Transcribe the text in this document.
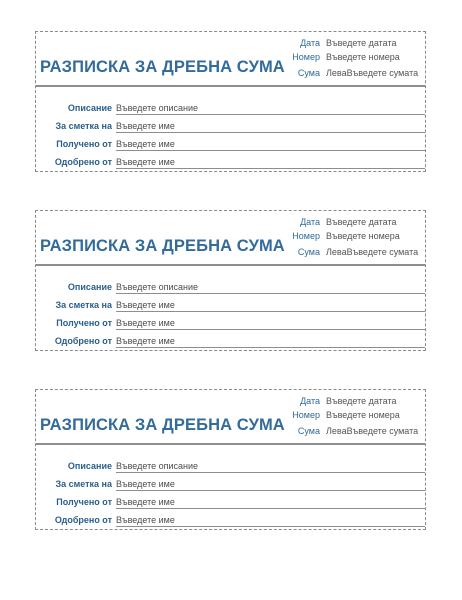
РАЗПИСКА ЗА ДРЕБНА СУМА
Дата Въведете датата
Номер Въведете номера
Сума ЛеваВъведете сумата
Описание Въведете описание
За сметка на Въведете име
Получено от Въведете име
Одобрено от Въведете име
РАЗПИСКА ЗА ДРЕБНА СУМА
Дата Въведете датата
Номер Въведете номера
Сума ЛеваВъведете сумата
Описание Въведете описание
За сметка на Въведете име
Получено от Въведете име
Одобрено от Въведете име
РАЗПИСКА ЗА ДРЕБНА СУМА
Дата Въведете датата
Номер Въведете номера
Сума ЛеваВъведете сумата
Описание Въведете описание
За сметка на Въведете име
Получено от Въведете име
Одобрено от Въведете име
